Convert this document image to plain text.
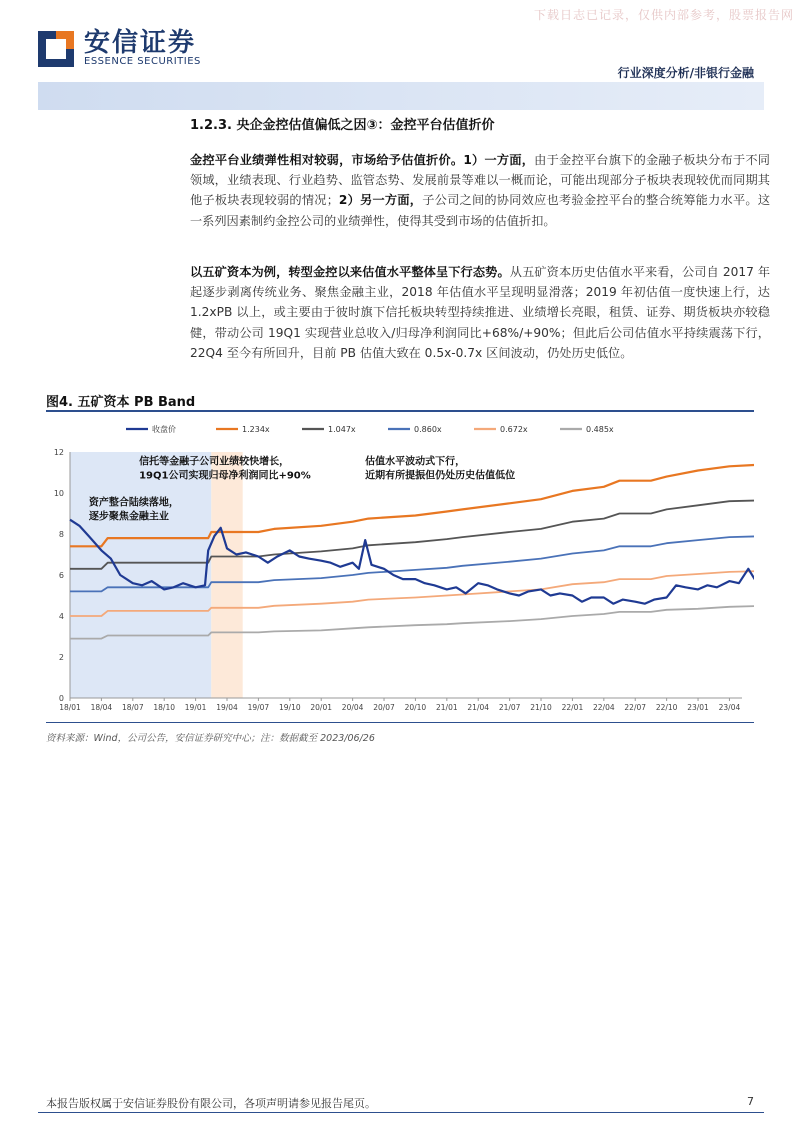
下载日志已记录，仅供内部参考，股票报告网
安信证券
ESSENCE SECURITIES
行业深度分析/非银行金融
1.2.3. 央企金控估值偏低之因③：金控平台估值折价
金控平台业绩弹性相对较弱，市场给予估值折价。1）一方面，由于金控平台旗下的金融子板块分布于不同领域，业绩表现、行业趋势、监管态势、发展前景等难以一概而论，可能出现部分子板块表现较优而同期其他子板块表现较弱的情况；2）另一方面，子公司之间的协同效应也考验金控平台的整合统筹能力水平。这一系列因素制约金控公司的业绩弹性，使得其受到市场的估值折扣。
以五矿资本为例，转型金控以来估值水平整体呈下行态势。从五矿资本历史估值水平来看，公司自 2017 年起逐步剥离传统业务、聚焦金融主业，2018 年估值水平呈现明显滑落；2019 年初估值一度快速上行，达 1.2xPB 以上，或主要由于彼时旗下信托板块转型持续推进、业绩增长亮眼，租赁、证券、期货板块亦较稳健，带动公司 19Q1 实现营业总收入/归母净利润同比+68%/+90%；但此后公司估值水平持续震荡下行，22Q4 至今有所回升，目前 PB 估值大致在 0.5x-0.7x 区间波动，仍处历史低位。
图4. 五矿资本 PB Band
0
2
4
6
8
10
12
18/01 18/04 18/07 18/10 19/01 19/04 19/07 19/10 20/01 20/04 20/07 20/10 21/01 21/04 21/07 21/10 22/01 22/04 22/07 22/10 23/01 23/04
收盘价	1.234x	1.047x	0.860x	0.672x	0.485x
资产整合陆续落地，
逐步聚焦金融主业
信托等金融子公司业绩较快增长，
19Q1公司实现归母净利润同比+90%
估值水平波动式下行，
近期有所提振但仍处历史估值低位
资料来源：Wind，公司公告，安信证券研究中心；注：数据截至 2023/06/26
本报告版权属于安信证券股份有限公司，各项声明请参见报告尾页。	7
